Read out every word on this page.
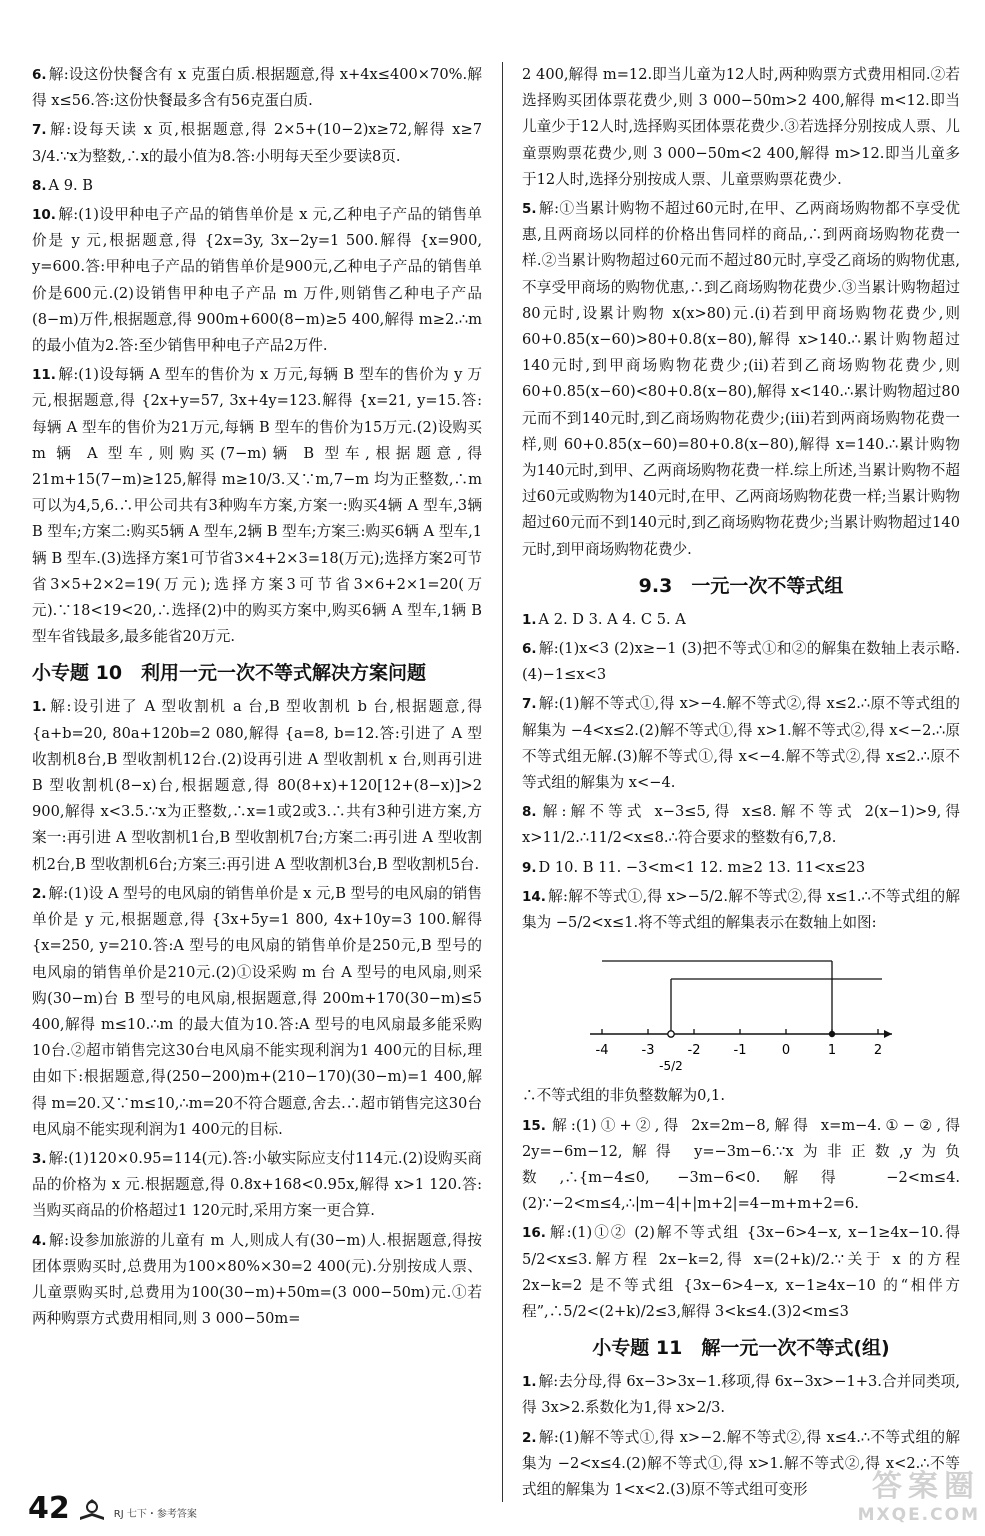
6. 解:设这份快餐含有 x 克蛋白质.根据题意,得 x+4x≤400×70%.解得 x≤56.答:这份快餐最多含有56克蛋白质.
7. 解:设每天读 x 页,根据题意,得 2×5+(10−2)x≥72,解得 x≥7 3/4.∵x为整数,∴x的最小值为8.答:小明每天至少要读8页.
8. A 9. B
10. 解:(1)设甲种电子产品的销售单价是 x 元,乙种电子产品的销售单价是 y 元,根据题意,得 {2x=3y, 3x−2y=1 500.解得 {x=900, y=600.答:甲种电子产品的销售单价是900元,乙种电子产品的销售单价是600元.(2)设销售甲种电子产品 m 万件,则销售乙种电子产品(8−m)万件,根据题意,得 900m+600(8−m)≥5 400,解得 m≥2.∴m 的最小值为2.答:至少销售甲种电子产品2万件.
11. 解:(1)设每辆 A 型车的售价为 x 万元,每辆 B 型车的售价为 y 万元,根据题意,得 {2x+y=57, 3x+4y=123.解得 {x=21, y=15.答:每辆 A 型车的售价为21万元,每辆 B 型车的售价为15万元.(2)设购买 m 辆 A 型车,则购买(7−m)辆 B 型车,根据题意,得 21m+15(7−m)≥125,解得 m≥10/3.又∵m,7−m 均为正整数,∴m 可以为4,5,6.∴甲公司共有3种购车方案,方案一:购买4辆 A 型车,3辆 B 型车;方案二:购买5辆 A 型车,2辆 B 型车;方案三:购买6辆 A 型车,1辆 B 型车.(3)选择方案1可节省3×4+2×3=18(万元);选择方案2可节省3×5+2×2=19(万元);选择方案3可节省3×6+2×1=20(万元).∵18<19<20,∴选择(2)中的购买方案中,购买6辆 A 型车,1辆 B 型车省钱最多,最多能省20万元.
小专题 10　利用一元一次不等式解决方案问题
1. 解:设引进了 A 型收割机 a 台,B 型收割机 b 台,根据题意,得 {a+b=20, 80a+120b=2 080,解得 {a=8, b=12.答:引进了 A 型收割机8台,B 型收割机12台.(2)设再引进 A 型收割机 x 台,则再引进 B 型收割机(8−x)台,根据题意,得 80(8+x)+120[12+(8−x)]>2 900,解得 x<3.5.∵x为正整数,∴x=1或2或3.∴共有3种引进方案,方案一:再引进 A 型收割机1台,B 型收割机7台;方案二:再引进 A 型收割机2台,B 型收割机6台;方案三:再引进 A 型收割机3台,B 型收割机5台.
2. 解:(1)设 A 型号的电风扇的销售单价是 x 元,B 型号的电风扇的销售单价是 y 元,根据题意,得 {3x+5y=1 800, 4x+10y=3 100.解得 {x=250, y=210.答:A 型号的电风扇的销售单价是250元,B 型号的电风扇的销售单价是210元.(2)①设采购 m 台 A 型号的电风扇,则采购(30−m)台 B 型号的电风扇,根据题意,得 200m+170(30−m)≤5 400,解得 m≤10.∴m 的最大值为10.答:A 型号的电风扇最多能采购10台.②超市销售完这30台电风扇不能实现利润为1 400元的目标,理由如下:根据题意,得(250−200)m+(210−170)(30−m)=1 400,解得 m=20.又∵m≤10,∴m=20不符合题意,舍去.∴超市销售完这30台电风扇不能实现利润为1 400元的目标.
3. 解:(1)120×0.95=114(元).答:小敏实际应支付114元.(2)设购买商品的价格为 x 元.根据题意,得 0.8x+168<0.95x,解得 x>1 120.答:当购买商品的价格超过1 120元时,采用方案一更合算.
4. 解:设参加旅游的儿童有 m 人,则成人有(30−m)人.根据题意,得按团体票购买时,总费用为100×80%×30=2 400(元).分别按成人票、儿童票购买时,总费用为100(30−m)+50m=(3 000−50m)元.①若两种购票方式费用相同,则 3 000−50m=
2 400,解得 m=12.即当儿童为12人时,两种购票方式费用相同.②若选择购买团体票花费少,则 3 000−50m>2 400,解得 m<12.即当儿童少于12人时,选择购买团体票花费少.③若选择分别按成人票、儿童票购票花费少,则 3 000−50m<2 400,解得 m>12.即当儿童多于12人时,选择分别按成人票、儿童票购票花费少.
5. 解:①当累计购物不超过60元时,在甲、乙两商场购物都不享受优惠,且两商场以同样的价格出售同样的商品,∴到两商场购物花费一样.②当累计购物超过60元而不超过80元时,享受乙商场的购物优惠,不享受甲商场的购物优惠,∴到乙商场购物花费少.③当累计购物超过80元时,设累计购物 x(x>80)元.(i)若到甲商场购物花费少,则 60+0.85(x−60)>80+0.8(x−80),解得 x>140.∴累计购物超过140元时,到甲商场购物花费少;(ii)若到乙商场购物花费少,则 60+0.85(x−60)<80+0.8(x−80),解得 x<140.∴累计购物超过80元而不到140元时,到乙商场购物花费少;(iii)若到两商场购物花费一样,则 60+0.85(x−60)=80+0.8(x−80),解得 x=140.∴累计购物为140元时,到甲、乙两商场购物花费一样.综上所述,当累计购物不超过60元或购物为140元时,在甲、乙两商场购物花费一样;当累计购物超过60元而不到140元时,到乙商场购物花费少;当累计购物超过140元时,到甲商场购物花费少.
9.3　一元一次不等式组
1. A 2. D 3. A 4. C 5. A
6. 解:(1)x<3 (2)x≥−1 (3)把不等式①和②的解集在数轴上表示略.(4)−1≤x<3
7. 解:(1)解不等式①,得 x>−4.解不等式②,得 x≤2.∴原不等式组的解集为 −4<x≤2.(2)解不等式①,得 x>1.解不等式②,得 x<−2.∴原不等式组无解.(3)解不等式①,得 x<−4.解不等式②,得 x≤2.∴原不等式组的解集为 x<−4.
8. 解:解不等式 x−3≤5,得 x≤8.解不等式 2(x−1)>9,得 x>11/2.∴11/2<x≤8.∴符合要求的整数有6,7,8.
9. D 10. B 11. −3<m<1 12. m≥2 13. 11<x≤23
14. 解:解不等式①,得 x>−5/2.解不等式②,得 x≤1.∴不等式组的解集为 −5/2<x≤1.将不等式组的解集表示在数轴上如图:
-4	-3	-2	-1	0	1	2
-5/2
∴不等式组的非负整数解为0,1.
15. 解:(1)①+②,得 2x=2m−8,解得 x=m−4.①−②,得 2y=−6m−12,解得 y=−3m−6.∵x为非正数,y为负数,∴{m−4≤0, −3m−6<0.解得 −2<m≤4.(2)∵−2<m≤4,∴|m−4|+|m+2|=4−m+m+2=6.
16. 解:(1)①② (2)解不等式组 {3x−6>4−x, x−1≥4x−10.得 5/2<x≤3.解方程 2x−k=2,得 x=(2+k)/2.∵关于 x 的方程 2x−k=2 是不等式组 {3x−6>4−x, x−1≥4x−10 的“相伴方程”,∴5/2<(2+k)/2≤3,解得 3<k≤4.(3)2<m≤3
小专题 11　解一元一次不等式(组)
1. 解:去分母,得 6x−3>3x−1.移项,得 6x−3x>−1+3.合并同类项,得 3x>2.系数化为1,得 x>2/3.
2. 解:(1)解不等式①,得 x>−2.解不等式②,得 x≤4.∴不等式组的解集为 −2<x≤4.(2)解不等式①,得 x>1.解不等式②,得 x<2.∴不等式组的解集为 1<x<2.(3)原不等式组可变形
42	RJ 七下・参考答案
答案圈
MXQE.COM
